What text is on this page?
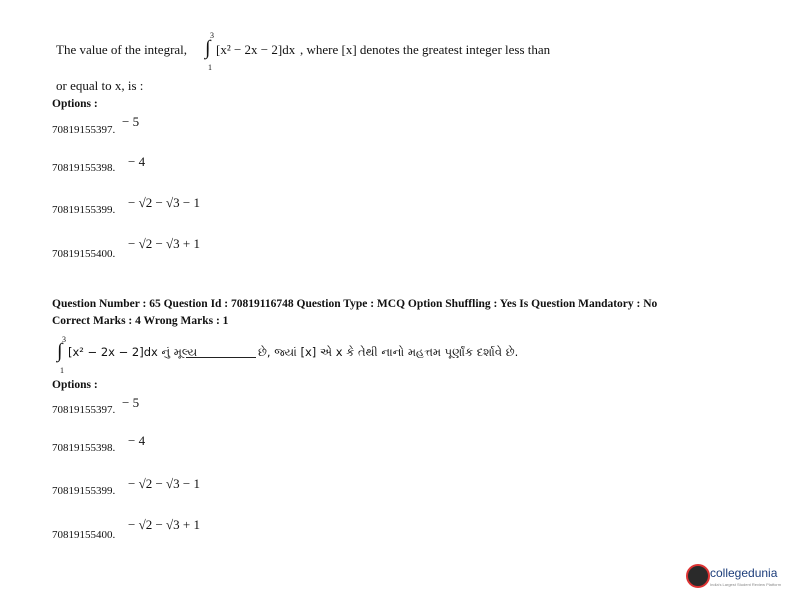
The value of the integral,
3
∫
1
[x² − 2x − 2]dx , where [x] denotes the greatest integer less than
or equal to x, is :
Options :
70819155397.
− 5
70819155398. − 4
70819155399. − √2 − √3 − 1
70819155400.
− √2 − √3 + 1
Question Number : 65 Question Id : 70819116748 Question Type : MCQ Option Shuffling : Yes Is Question Mandatory : No
Correct Marks : 4 Wrong Marks : 1
3
∫
1
[x² − 2x − 2]dx નું મૂલ્ય	છે, જ્યાં [x] એ x કે તેથી નાનો મહત્તમ પૂર્ણાંક દર્શાવે છે.
Options :
70819155397. − 5
70819155398. − 4
70819155399. − √2 − √3 − 1
70819155400.
− √2 − √3 + 1
collegedunia
India's Largest Student Review Platform
